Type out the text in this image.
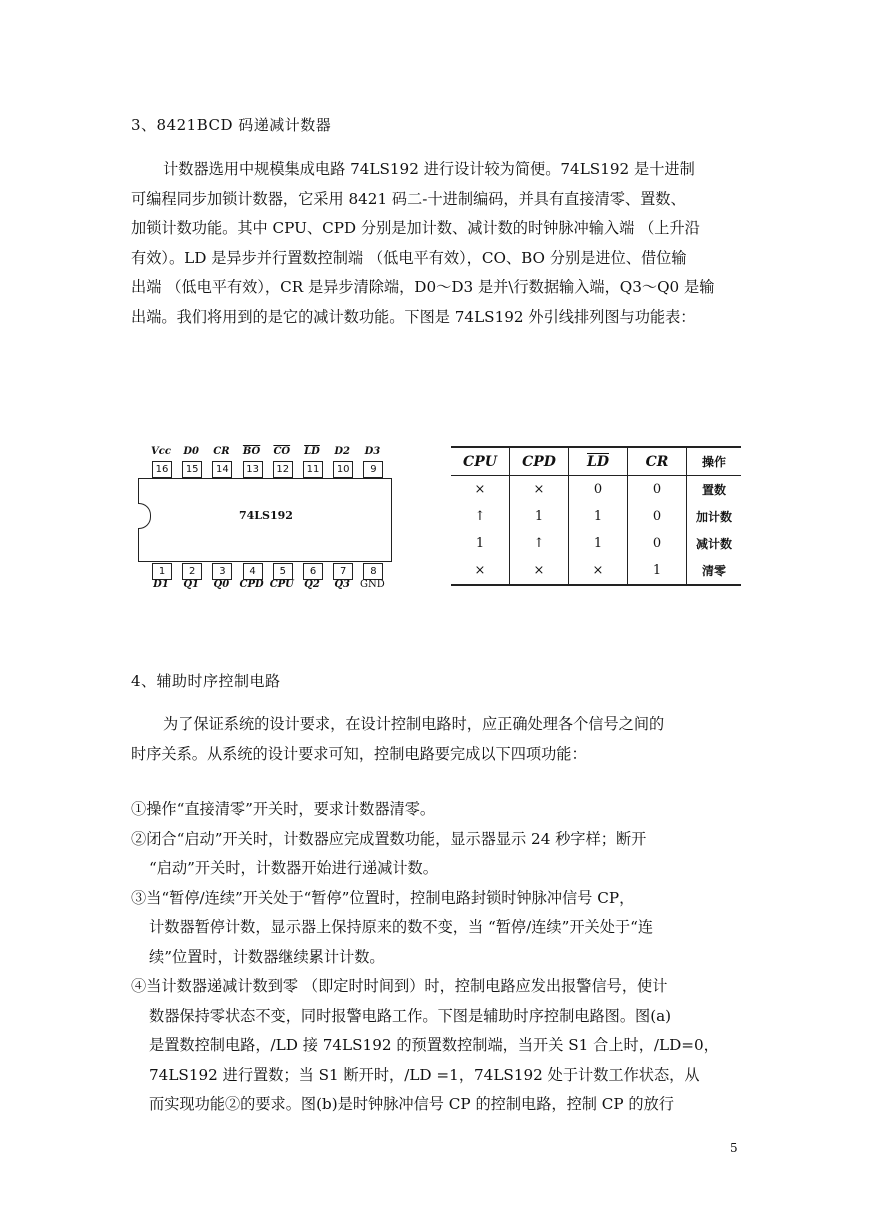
3、8421BCD 码递减计数器
计数器选用中规模集成电路 74LS192 进行设计较为简便。74LS192 是十进制
可编程同步加锁计数器，它采用 8421 码二-十进制编码，并具有直接清零、置数、
加锁计数功能。其中 CPU、CPD 分别是加计数、减计数的时钟脉冲输入端 （上升沿
有效）。LD 是异步并行置数控制端 （低电平有效），CO、BO 分别是进位、借位输
出端 （低电平有效），CR 是异步清除端，D0～D3 是并\行数据输入端，Q3～Q0 是输
出端。我们将用到的是它的减计数功能。下图是 74LS192 外引线排列图与功能表：
Vcc
16
D0
15
CR
14
$\overline{BO}$
13
$\overline{CO}$
12
$\overline{LD}$
11
D2
10
D3
9
74LS192
1
D1
2
Q1
3
Q0
4
CPD
5
CPU
6
Q2
7
Q3
8
GND
CPU	CPD	$\overline{LD}$	CR	操作
×	×	0	0	置数
↑	1	1	0	加计数
1	↑	1	0	减计数
×	×	×	1	清零
4、辅助时序控制电路
为了保证系统的设计要求，在设计控制电路时，应正确处理各个信号之间的
时序关系。从系统的设计要求可知，控制电路要完成以下四项功能：
①操作“直接清零”开关时，要求计数器清零。
②闭合“启动”开关时，计数器应完成置数功能，显示器显示 24 秒字样；断开
“启动”开关时，计数器开始进行递减计数。
③当“暂停/连续”开关处于“暂停”位置时，控制电路封锁时钟脉冲信号 CP，
计数器暂停计数，显示器上保持原来的数不变，当 “暂停/连续”开关处于“连
续”位置时，计数器继续累计计数。
④当计数器递减计数到零 （即定时时间到）时，控制电路应发出报警信号，使计
数器保持零状态不变，同时报警电路工作。下图是辅助时序控制电路图。图(a)
是置数控制电路，/LD 接 74LS192 的预置数控制端，当开关 S1 合上时，/LD=0，
74LS192 进行置数；当 S1 断开时，/LD =1，74LS192 处于计数工作状态，从
而实现功能②的要求。图(b)是时钟脉冲信号 CP 的控制电路，控制 CP 的放行
5
